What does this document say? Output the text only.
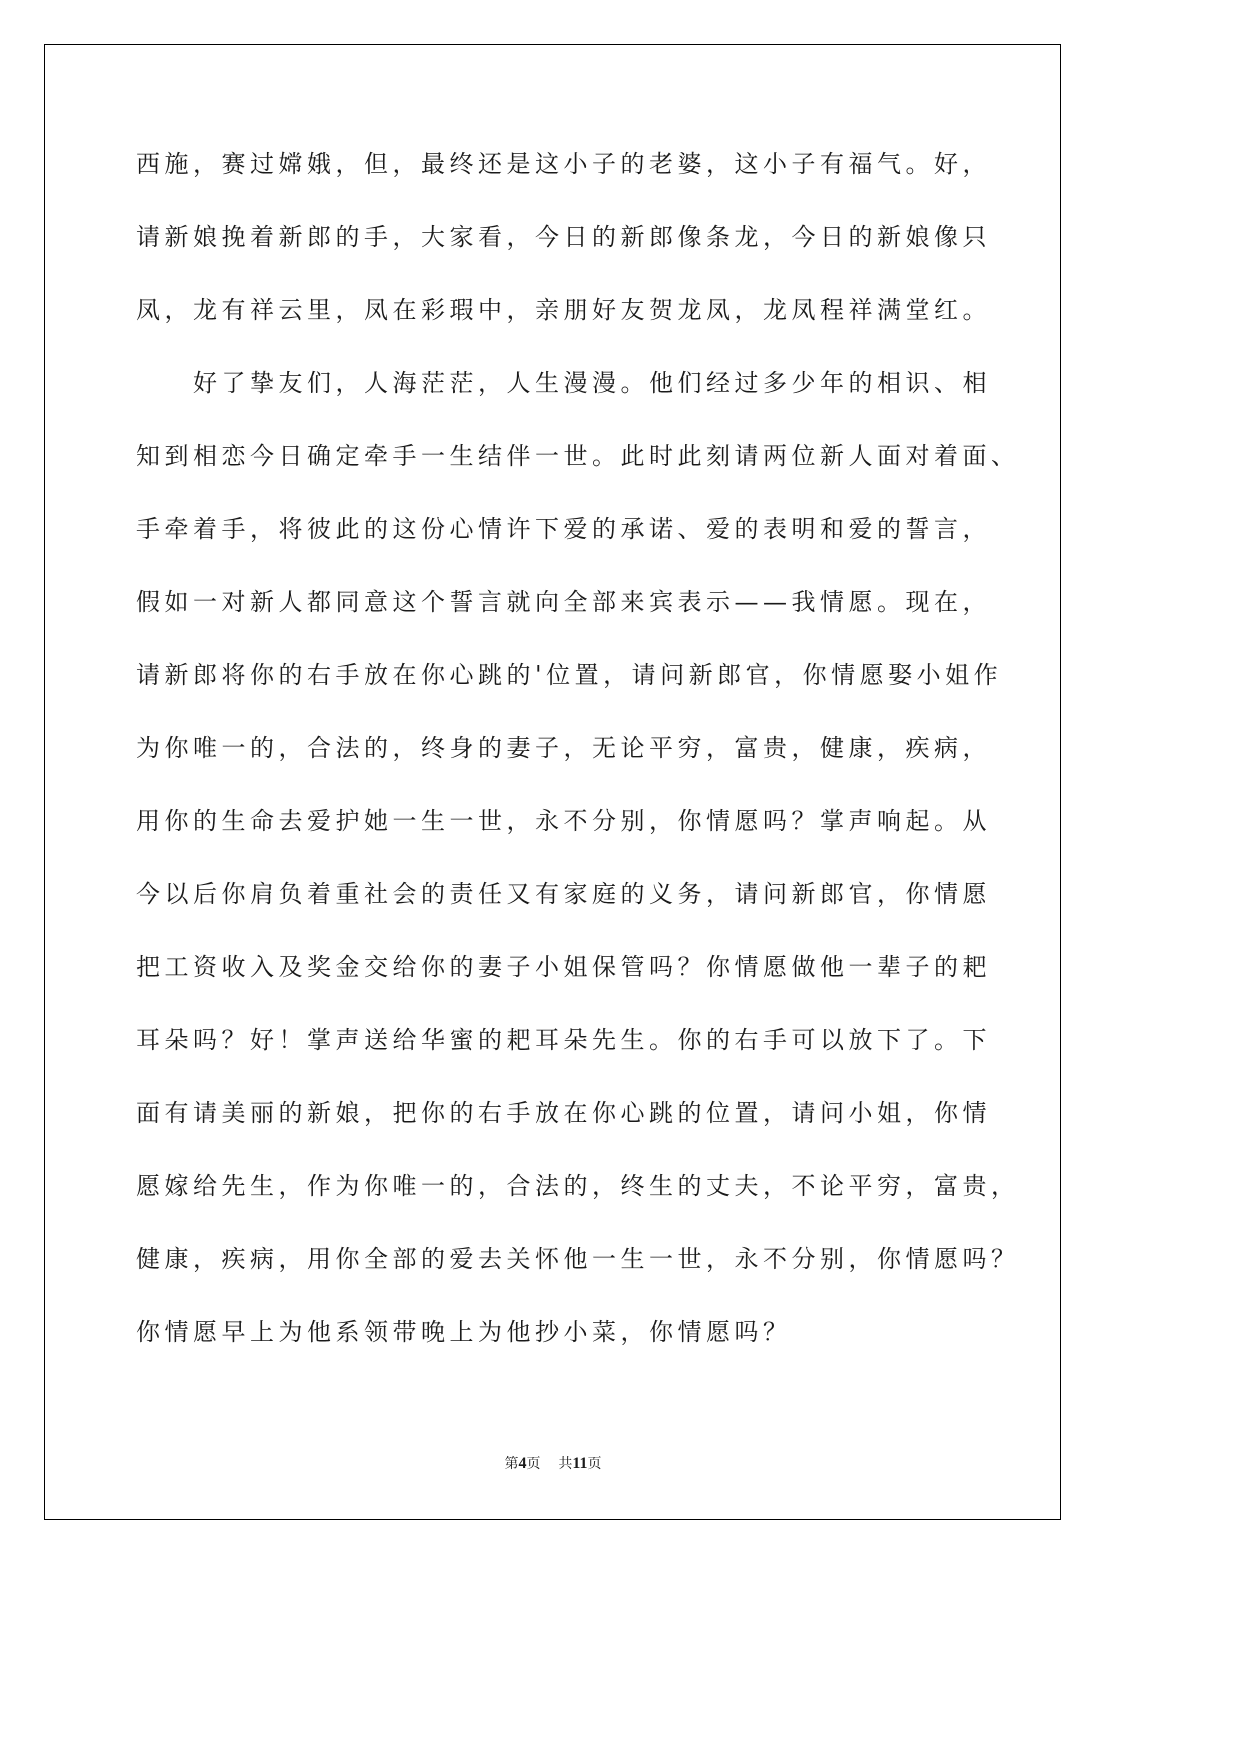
西施，赛过嫦娥，但，最终还是这小子的老婆，这小子有福气。好，
请新娘挽着新郎的手，大家看，今日的新郎像条龙，今日的新娘像只
凤，龙有祥云里，凤在彩瑕中，亲朋好友贺龙凤，龙凤程祥满堂红。
　　好了挚友们，人海茫茫，人生漫漫。他们经过多少年的相识、相
知到相恋今日确定牵手一生结伴一世。此时此刻请两位新人面对着面、
手牵着手，将彼此的这份心情许下爱的承诺、爱的表明和爱的誓言，
假如一对新人都同意这个誓言就向全部来宾表示——我情愿。现在，
请新郎将你的右手放在你心跳的'位置，请问新郎官，你情愿娶小姐作
为你唯一的，合法的，终身的妻子，无论平穷，富贵，健康，疾病，
用你的生命去爱护她一生一世，永不分别，你情愿吗？掌声响起。从
今以后你肩负着重社会的责任又有家庭的义务，请问新郎官，你情愿
把工资收入及奖金交给你的妻子小姐保管吗？你情愿做他一辈子的耙
耳朵吗？好！掌声送给华蜜的耙耳朵先生。你的右手可以放下了。下
面有请美丽的新娘，把你的右手放在你心跳的位置，请问小姐，你情
愿嫁给先生，作为你唯一的，合法的，终生的丈夫，不论平穷，富贵，
健康，疾病，用你全部的爱去关怀他一生一世，永不分别，你情愿吗？
你情愿早上为他系领带晚上为他抄小菜，你情愿吗？
第4页 共11页
